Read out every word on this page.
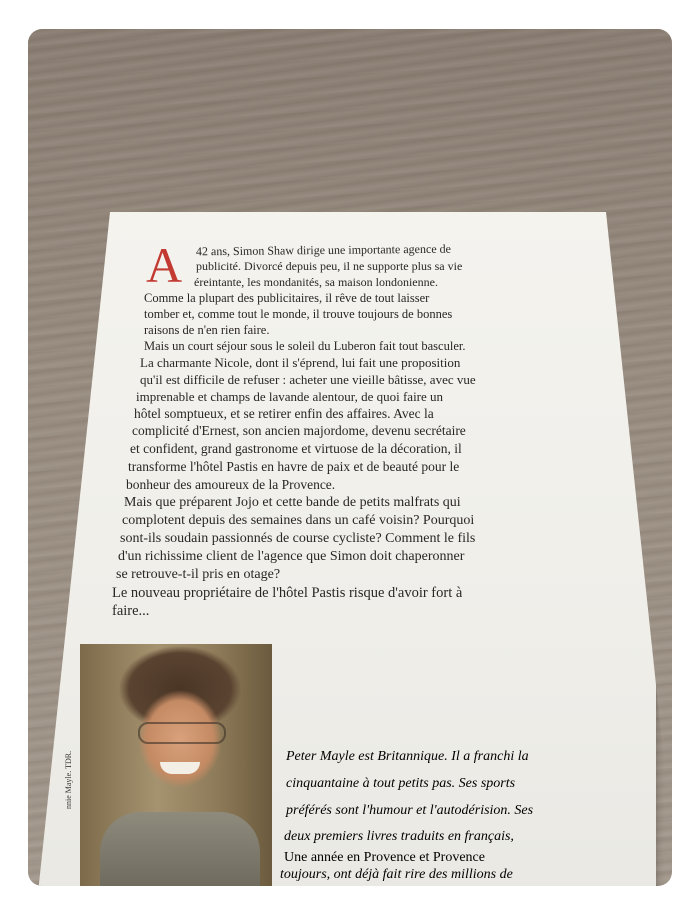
A 42 ans, Simon Shaw dirige une importante agence de
publicité. Divorcé depuis peu, il ne supporte plus sa vie
éreintante, les mondanités, sa maison londonienne.
Comme la plupart des publicitaires, il rêve de tout laisser
tomber et, comme tout le monde, il trouve toujours de bonnes
raisons de n'en rien faire.
Mais un court séjour sous le soleil du Luberon fait tout basculer.
La charmante Nicole, dont il s'éprend, lui fait une proposition
qu'il est difficile de refuser : acheter une vieille bâtisse, avec vue
imprenable et champs de lavande alentour, de quoi faire un
hôtel somptueux, et se retirer enfin des affaires. Avec la
complicité d'Ernest, son ancien majordome, devenu secrétaire
et confident, grand gastronome et virtuose de la décoration, il
transforme l'hôtel Pastis en havre de paix et de beauté pour le
bonheur des amoureux de la Provence.
Mais que préparent Jojo et cette bande de petits malfrats qui
complotent depuis des semaines dans un café voisin? Pourquoi
sont-ils soudain passionnés de course cycliste? Comment le fils
d'un richissime client de l'agence que Simon doit chaperonner
se retrouve-t-il pris en otage?
Le nouveau propriétaire de l'hôtel Pastis risque d'avoir fort à
faire...
nnie Mayle. TDR.	Peter Mayle est Britannique. Il a franchi la
cinquantaine à tout petits pas. Ses sports
préférés sont l'humour et l'autodérision. Ses
deux premiers livres traduits en français,
Une année en Provence et Provence
toujours, ont déjà fait rire des millions de
